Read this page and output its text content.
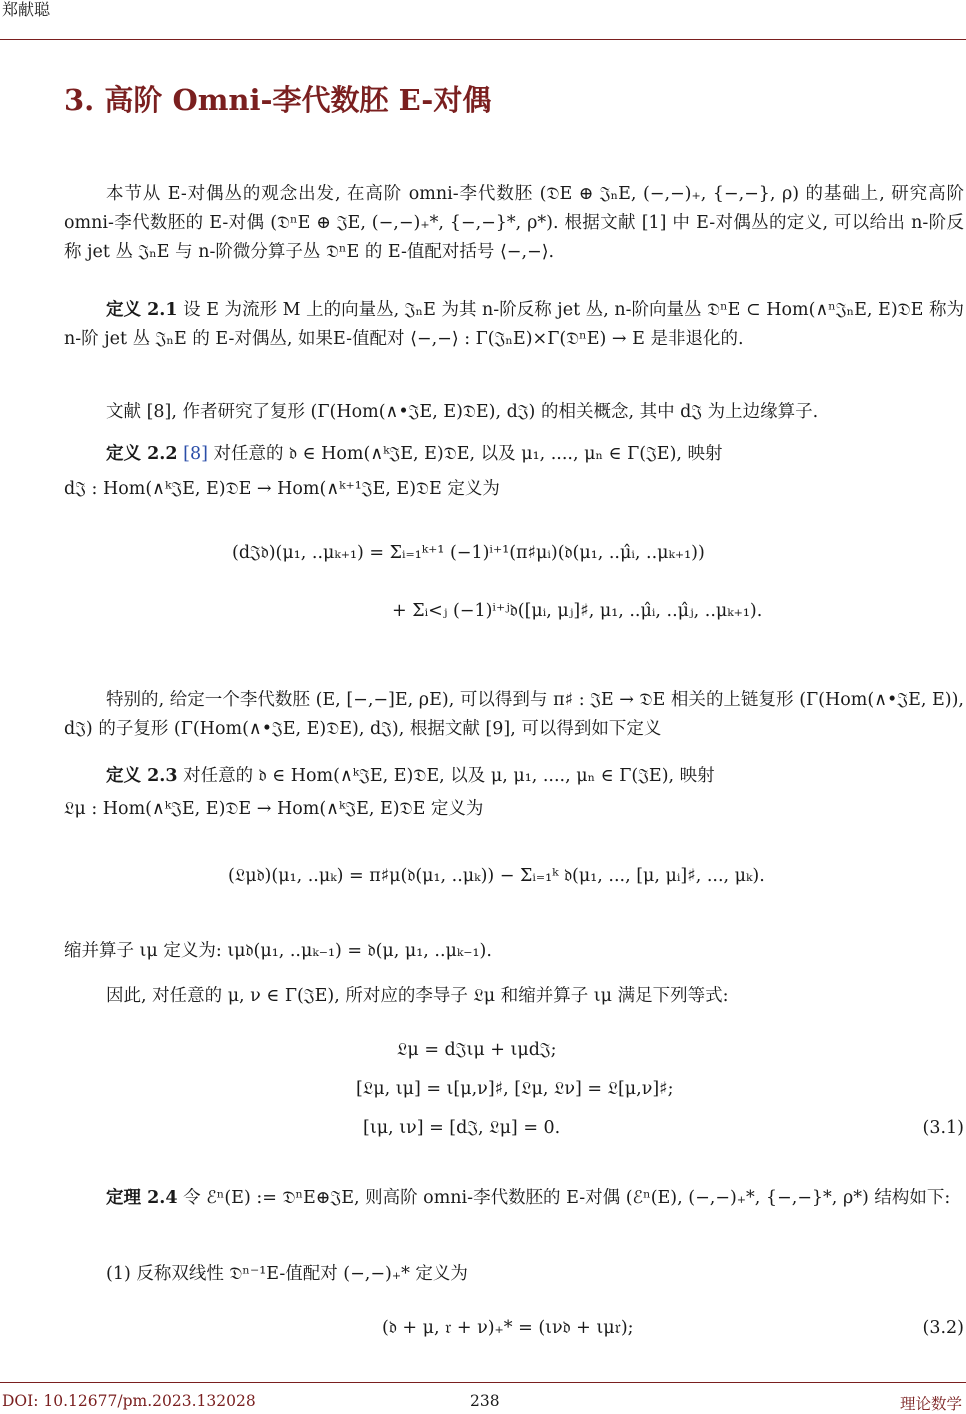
郑献聪
3. 高阶 Omni-李代数胚 E-对偶
本节从 E-对偶丛的观念出发, 在高阶 omni-李代数胚 (𝔇E ⊕ 𝔍ₙE, (−,−)₊, {−,−}, ρ) 的基础上, 研究高阶 omni-李代数胚的 E-对偶 (𝔇ⁿE ⊕ 𝔍E, (−,−)₊*, {−,−}*, ρ*). 根据文献 [1] 中 E-对偶丛的定义, 可以给出 n-阶反称 jet 丛 𝔍ₙE 与 n-阶微分算子丛 𝔇ⁿE 的 E-值配对括号 ⟨−,−⟩.
定义 2.1 设 E 为流形 M 上的向量丛, 𝔍ₙE 为其 n-阶反称 jet 丛, n-阶向量丛 𝔇ⁿE ⊂ Hom(∧ⁿ𝔍ₙE, E)𝔇E 称为n-阶 jet 丛 𝔍ₙE 的 E-对偶丛, 如果E-值配对 ⟨−,−⟩ : Γ(𝔍ₙE)×Γ(𝔇ⁿE) → E 是非退化的.
文献 [8], 作者研究了复形 (Γ(Hom(∧•𝔍E, E)𝔇E), d𝔍) 的相关概念, 其中 d𝔍 为上边缘算子.
定义 2.2 [8] 对任意的 𝔡 ∈ Hom(∧ᵏ𝔍E, E)𝔇E, 以及 μ₁, ...., μₙ ∈ Γ(𝔍E), 映射
d𝔍 : Hom(∧ᵏ𝔍E, E)𝔇E → Hom(∧ᵏ⁺¹𝔍E, E)𝔇E 定义为
(d𝔍𝔡)(μ₁, ..μₖ₊₁) = Σᵢ₌₁ᵏ⁺¹ (−1)ⁱ⁺¹(π♯μᵢ)(𝔡(μ₁, ..μ̂ᵢ, ..μₖ₊₁))
+ Σᵢ<ⱼ (−1)ⁱ⁺ʲ𝔡([μᵢ, μⱼ]♯, μ₁, ..μ̂ᵢ, ..μ̂ⱼ, ..μₖ₊₁).
特别的, 给定一个李代数胚 (E, [−,−]E, ρE), 可以得到与 π♯ : 𝔍E → 𝔇E 相关的上链复形 (Γ(Hom(∧•𝔍E, E)), d𝔍) 的子复形 (Γ(Hom(∧•𝔍E, E)𝔇E), d𝔍), 根据文献 [9], 可以得到如下定义
定义 2.3 对任意的 𝔡 ∈ Hom(∧ᵏ𝔍E, E)𝔇E, 以及 μ, μ₁, ...., μₙ ∈ Γ(𝔍E), 映射
𝔏μ : Hom(∧ᵏ𝔍E, E)𝔇E → Hom(∧ᵏ𝔍E, E)𝔇E 定义为
(𝔏μ𝔡)(μ₁, ..μₖ) = π♯μ(𝔡(μ₁, ..μₖ)) − Σᵢ₌₁ᵏ 𝔡(μ₁, ..., [μ, μᵢ]♯, ..., μₖ).
缩并算子 ιμ 定义为: ιμ𝔡(μ₁, ..μₖ₋₁) = 𝔡(μ, μ₁, ..μₖ₋₁).
因此, 对任意的 μ, ν ∈ Γ(𝔍E), 所对应的李导子 𝔏μ 和缩并算子 ιμ 满足下列等式:
𝔏μ = d𝔍ιμ + ιμd𝔍;
[𝔏μ, ιμ] = ι[μ,ν]♯, [𝔏μ, 𝔏ν] = 𝔏[μ,ν]♯;
[ιμ, ιν] = [d𝔍, 𝔏μ] = 0.	(3.1)
定理 2.4 令 ℰⁿ(E) := 𝔇ⁿE⊕𝔍E, 则高阶 omni-李代数胚的 E-对偶 (ℰⁿ(E), (−,−)₊*, {−,−}*, ρ*) 结构如下:
(1) 反称双线性 𝔇ⁿ⁻¹E-值配对 (−,−)₊* 定义为
(𝔡 + μ, 𝔯 + ν)₊* = (ιν𝔡 + ιμ𝔯);	(3.2)
DOI: 10.12677/pm.2023.132028	238	理论数学
